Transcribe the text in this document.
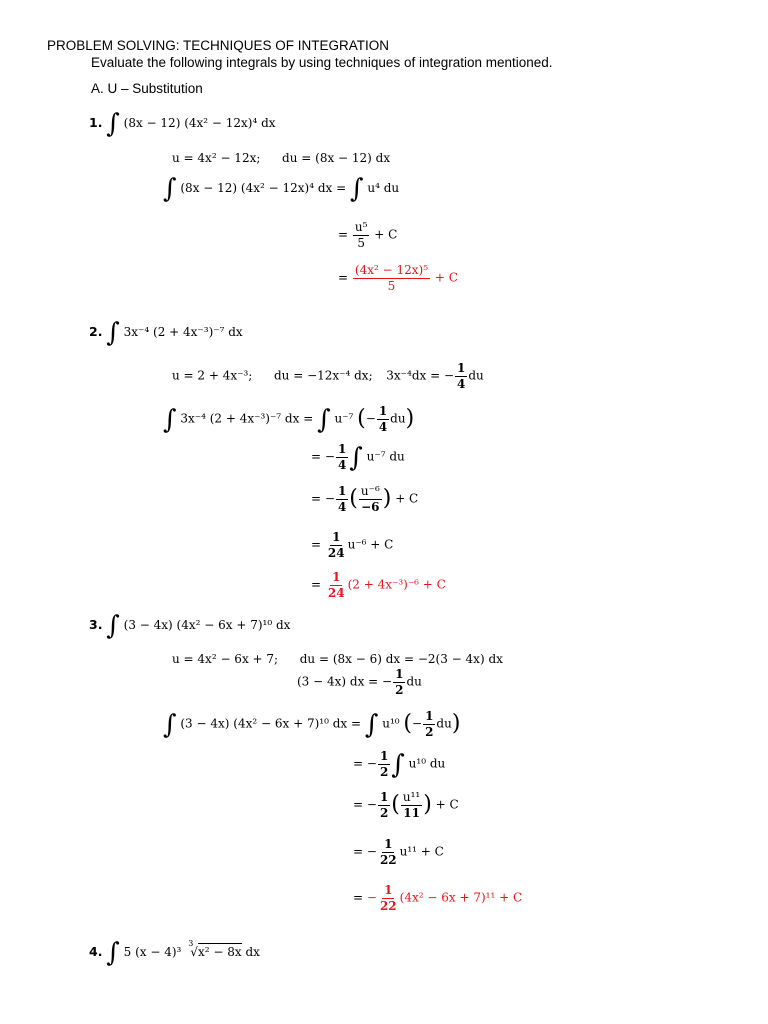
PROBLEM SOLVING: TECHNIQUES OF INTEGRATION
Evaluate the following integrals by using techniques of integration mentioned.
A. U – Substitution
1. ∫ (8x − 12) (4x² − 12x)⁴ dx
u = 4x² − 12x; du = (8x − 12) dx
∫ (8x − 12) (4x² − 12x)⁴ dx = ∫ u⁴ du
= $\frac{\text{u⁵}}{5} + C$
= $\frac{\text{(4x² − 12x)⁵}}{5} + C$
2. ∫ 3x⁻⁴ (2 + 4x⁻³)⁻⁷ dx
u = 2 + 4x⁻³; du = −12x⁻⁴ dx; 3x⁻⁴dx = − $\frac{1}{4}$ du
∫ 3x⁻⁴ (2 + 4x⁻³)⁻⁷ dx = ∫ u⁻⁷ (− $\frac{1}{4} du$)
= − $\frac{1}{4}$ ∫ u⁻⁷ du
= − $\frac{1}{4}$ ( $\frac{\text{u⁻⁶}}{-6}$ ) + C
= $\frac{1}{24} u^{-6} + C$
= $\frac{1}{24} (2 + 4x^{-3})^{-6} + C$
3. ∫ (3 − 4x) (4x² − 6x + 7)¹⁰ dx
u = 4x² − 6x + 7; du = (8x − 6) dx = −2(3 − 4x) dx
(3 − 4x) dx = − $\frac{1}{2}$ du
∫ (3 − 4x) (4x² − 6x + 7)¹⁰ dx = ∫ u¹⁰ (− $\frac{1}{2} du$)
= − $\frac{1}{2}$ ∫ u¹⁰ du
= − $\frac{1}{2}$ ( $\frac{\text{u¹¹}}{11}$ ) + C
= − $\frac{1}{22} u^{11} + C$
= − $\frac{1}{22} (4x^2 - 6x + 7)^{11} + C$
4. ∫ 5 (x − 4)³ $^3$√x² − 8x dx
